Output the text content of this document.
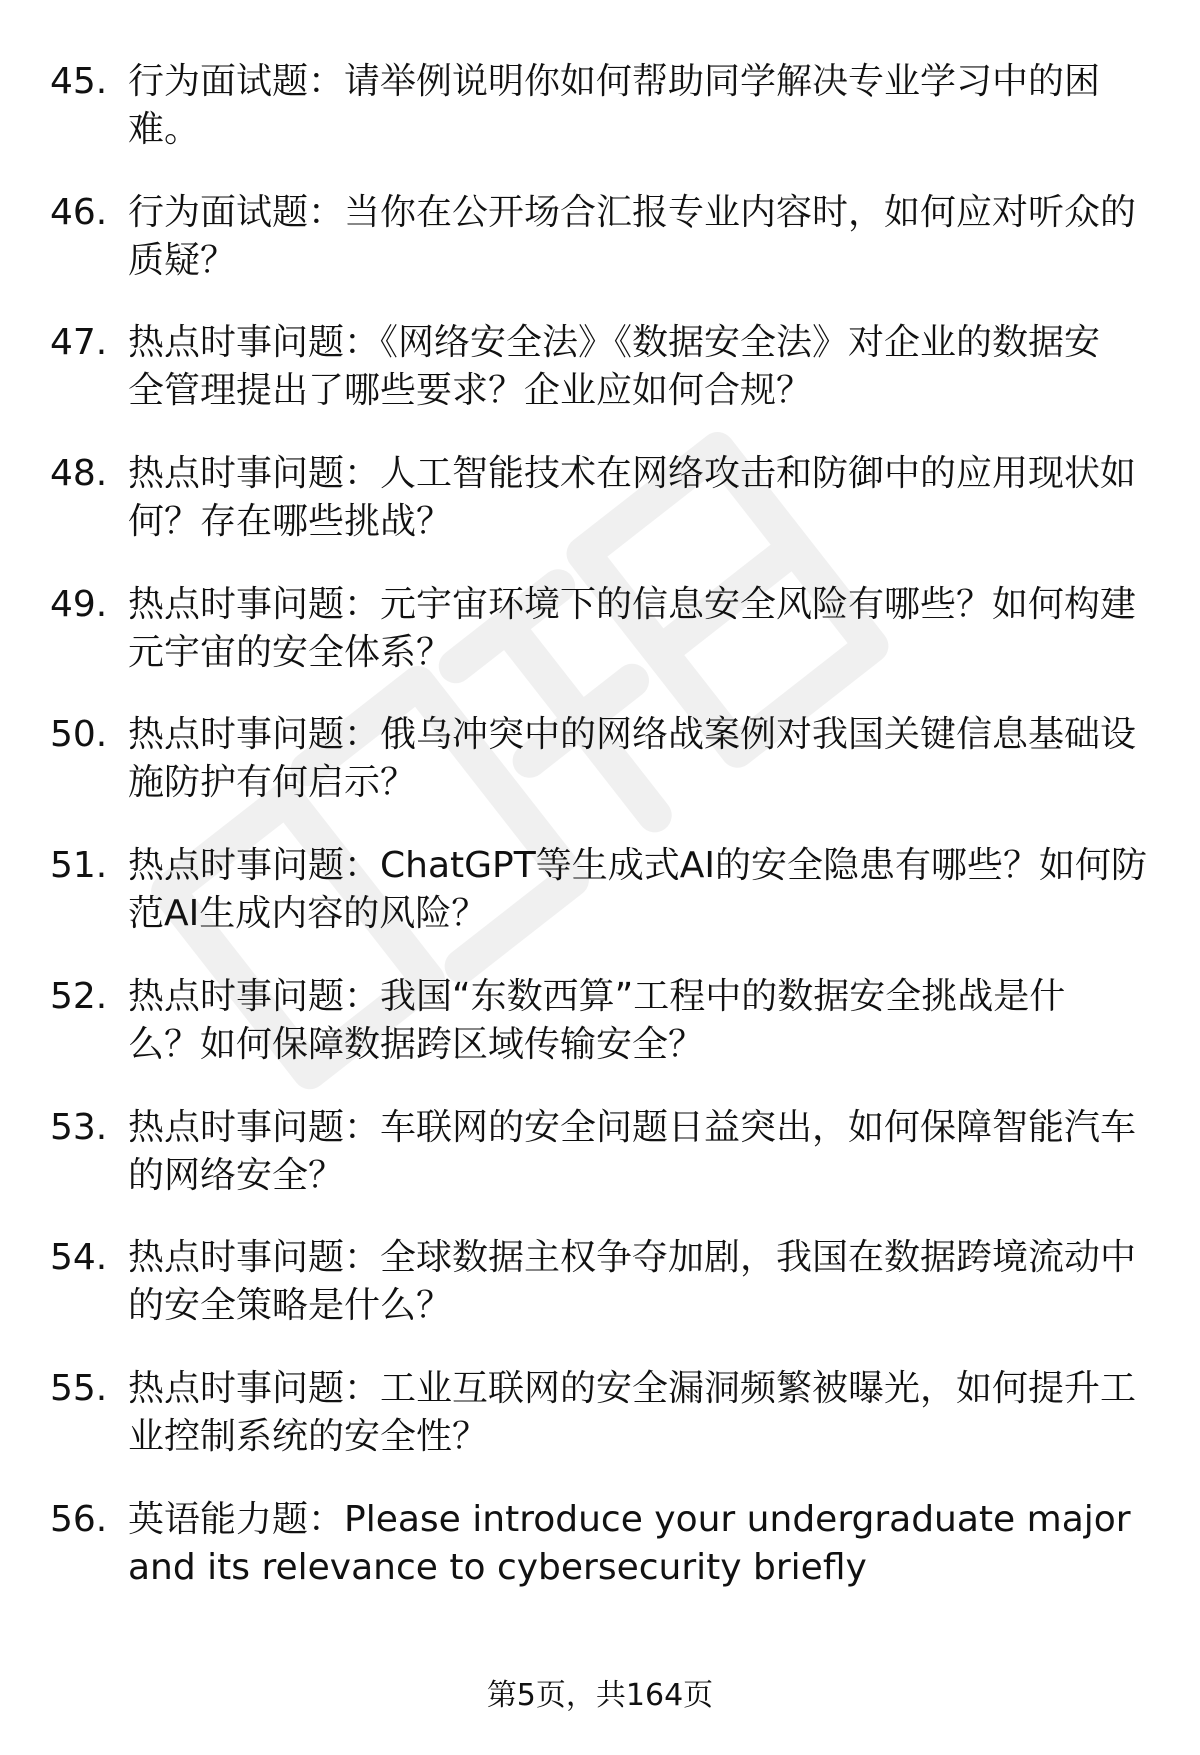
45. 行为面试题：请举例说明你如何帮助同学解决专业学习中的困
难。
46. 行为面试题：当你在公开场合汇报专业内容时，如何应对听众的
质疑？
47. 热点时事问题：《网络安全法》《数据安全法》对企业的数据安
全管理提出了哪些要求？企业应如何合规？
48. 热点时事问题：人工智能技术在网络攻击和防御中的应用现状如
何？存在哪些挑战？
49. 热点时事问题：元宇宙环境下的信息安全风险有哪些？如何构建
元宇宙的安全体系？
50. 热点时事问题：俄乌冲突中的网络战案例对我国关键信息基础设
施防护有何启示？
51. 热点时事问题：ChatGPT等生成式AI的安全隐患有哪些？如何防
范AI生成内容的风险？
52. 热点时事问题：我国“东数西算”工程中的数据安全挑战是什
么？如何保障数据跨区域传输安全？
53. 热点时事问题：车联网的安全问题日益突出，如何保障智能汽车
的网络安全？
54. 热点时事问题：全球数据主权争夺加剧，我国在数据跨境流动中
的安全策略是什么？
55. 热点时事问题：工业互联网的安全漏洞频繁被曝光，如何提升工
业控制系统的安全性？
56. 英语能力题：Please introduce your undergraduate major
and its relevance to cybersecurity briefly
第5页，共164页
